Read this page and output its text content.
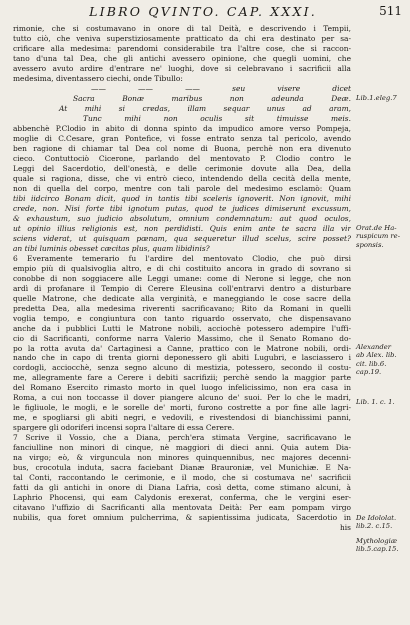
LIBRO QVINTO. CAP. XXXI.	511
rimonie, che si costumavano in onore di tal Deità, e descrivendo i Tempii,
tutto ciò, che veniva superstiziosamente pratticato da chi era destinato per sa-
crificare alla medesima: parendomi considerabile tra l'altre cose, che si raccon-
tano d'una tal Dea, che gli antichi avessero opinione, che quegli uomini, che
avessero avuto ardire d'entrare ne' luoghi, dove si celebravano i sacrificii alla
medesima, diventassero ciechi, onde Tibullo:
—— —— —— seu visere dicet
Sacra Bonæ maribus non adeunda Deæ.
At mihi si credas, illam sequar unus ad aram,
Tunc mihi non oculis sit timuisse meis.
abbenchè P.Clodio in abito di donna spinto da impudico amore verso Pompeja,
moglie di C.Cesare, gran Pontefice, vi fosse entrato senza tal pericolo, avendo
ben ragione di chiamar tal Dea col nome di Buona, perchè non era divenuto
cieco. Contuttociò Cicerone, parlando del mentovato P. Clodio contro le
Leggi del Sacerdotio, dell'onestà, e delle cerimonie dovute alla Dea, della
quale si ragiona, disse, che vi entrò cieco, intendendo della cecità della mente,
non di quella del corpo, mentre con tali parole del medesimo esclamò: Quam
tibi iidcirco Bonam dicit, quod in tantis tibi sceleris ignoverit. Non ignovit, mihi
crede, non. Nisi forte tibi ignotum putas, quod te judices dimiserunt excussum,
& exhaustum, suo judicio absolutum, omnium condemnatum: aut quod oculos,
ut opinio illius religionis est, non perdidisti. Quis enim ante te sacra illa vir
sciens viderat, ut quisquam pœnam, qua sequeretur illud scelus, scire posset?
an tibi luminis obesset cæcitas plus, quam libidinis?
6 Everamente temerario fu l'ardire del mentovato Clodio, che può dirsi
empio più di qualsivoglia altro, e di chi costituito ancora in grado di sovrano si
conobbe di non soggiacere alle Leggi umane: come di Nerone si legge, che non
ardì di profanare il Tempio di Cerere Eleusina coll'entrarvi dentro a disturbare
quelle Matrone, che dedicate alla verginità, e maneggiando le cose sacre della
predetta Dea, alla medesima riverenti sacrificavano; Rito da Romani in quelli
voglia tempo, e congiuntura con tanto riguardo osservato, che dispensavano
anche da i pubblici Lutti le Matrone nobili, acciochè potessero adempire l'uffi-
cio di Sacrificanti, conforme narra Valerio Massimo, che il Senato Romano do-
po la rotta avuta da' Cartaginesi a Canne, prattico con le Matrone nobili, ordi-
nando che in capo di trenta giorni deponessero gli abiti Lugubri, e lasciassero i
cordogli, acciocchè, senza segno alcuno di mestizia, potessero, secondo il costu-
me, allegramente fare a Cerere i debiti sacrifizii; perchè sendo la maggior parte
del Romano Esercito rimasto morto in quel luogo infelicissimo, non era casa in
Roma, a cui non toccasse il dover piangere alcuno de' suoi. Per lo che le madri,
le figliuole, le mogli, e le sorelle de' morti, furono costrette a por fine alle lagri-
me, e spogliarsi gli abiti negri, e vedovili, e rivestendosi di bianchissimi panni,
spargere gli odoriferi incensi sopra l'altare di essa Cerere.
7 Scrive il Vossio, che a Diana, perch'era stimata Vergine, sacrificavano le
fanciulline non minori di cinque, nè maggiori di dieci anni. Quia autem Dia-
na virgo; eò, & virguncula non minores quinquennibus, nec majores decenni-
bus, crocotula induta, sacra faciebant Dianæ Brauroniæ, vel Munichiæ. E Na-
tal Conti, raccontando le cerimonie, e il modo, che si costumava ne' sacrificii
fatti da gli antichi in onore di Diana Lafria, così detta, come stimano alcuni, à
Laphrio Phocensi, qui eam Calydonis erexerat, conferma, che le vergini eser-
citavano l'uffizio di Sacrificanti alla mentovata Deità: Per eam pompam virgo
nubilis, qua foret omnium pulcherrima, & sapientissima judicata, Sacerdotio in
his
Lib.1.eleg.7
Orat.de Ha-
ruspicum re-
sponsis.
Alexander
ab Alex. lib.
cit. lib.6.
cap.19.
Lib. 1. c. 1.
De Idololat.
lib.2. c.15.
Mythologiæ
lib.5.cap.15.
